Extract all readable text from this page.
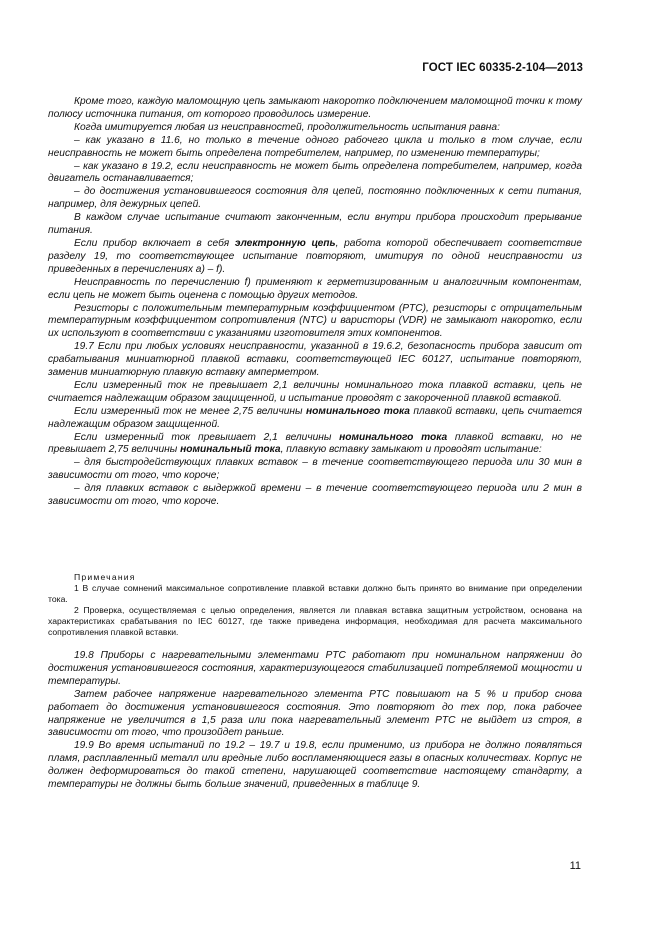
ГОСТ IEC 60335-2-104—2013

Кроме того, каждую маломощную цепь замыкают накоротко подключением маломощной точки к тому полюсу источника питания, от которого проводилось измерение.

Когда имитируется любая из неисправностей, продолжительность испытания равна:

– как указано в 11.6, но только в течение одного рабочего цикла и только в том случае, если неисправность не может быть определена потребителем, например, по изменению температуры;

– как указано в 19.2, если неисправность не может быть определена потребителем, например, когда двигатель останавливается;

– до достижения установившегося состояния для цепей, постоянно подключенных к сети питания, например, для дежурных цепей.

В каждом случае испытание считают законченным, если внутри прибора происходит прерывание питания.

Если прибор включает в себя электронную цепь, работа которой обеспечивает соответствие разделу 19, то соответствующее испытание повторяют, имитируя по одной неисправности из приведенных в перечислениях a) – f).

Неисправность по перечислению f) применяют к герметизированным и аналогичным компонентам, если цепь не может быть оценена с помощью других методов.

Резисторы с положительным температурным коэффициентом (PTC), резисторы с отрицательным температурным коэффициентом сопротивления (NTC) и варисторы (VDR) не замыкают накоротко, если их используют в соответствии с указаниями изготовителя этих компонентов.

19.7 Если при любых условиях неисправности, указанной в 19.6.2, безопасность прибора зависит от срабатывания миниатюрной плавкой вставки, соответствующей IEC 60127, испытание повторяют, заменив миниатюрную плавкую вставку амперметром.

Если измеренный ток не превышает 2,1 величины номинального тока плавкой вставки, цепь не считается надлежащим образом защищенной, и испытание проводят с закороченной плавкой вставкой.

Если измеренный ток не менее 2,75 величины номинального тока плавкой вставки, цепь считается надлежащим образом защищенной.

Если измеренный ток превышает 2,1 величины номинального тока плавкой вставки, но не превышает 2,75 величины номинальный тока, плавкую вставку замыкают и проводят испытание:

– для быстродействующих плавких вставок – в течение соответствующего периода или 30 мин в зависимости от того, что короче;

– для плавких вставок с выдержкой времени – в течение соответствующего периода или 2 мин в зависимости от того, что короче.

Примечания

1 В случае сомнений максимальное сопротивление плавкой вставки должно быть принято во внимание при определении тока.

2 Проверка, осуществляемая с целью определения, является ли плавкая вставка защитным устройством, основана на характеристиках срабатывания по IEC 60127, где также приведена информация, необходимая для расчета максимального сопротивления плавкой вставки.

19.8 Приборы с нагревательными элементами PTC работают при номинальном напряжении до достижения установившегося состояния, характеризующегося стабилизацией потребляемой мощности и температуры.

Затем рабочее напряжение нагревательного элемента PTC повышают на 5 % и прибор снова работает до достижения установившегося состояния. Это повторяют до тех пор, пока рабочее напряжение не увеличится в 1,5 раза или пока нагревательный элемент PTC не выйдет из строя, в зависимости от того, что произойдет раньше.

19.9 Во время испытаний по 19.2 – 19.7 и 19.8, если применимо, из прибора не должно появляться пламя, расплавленный металл или вредные либо воспламеняющиеся газы в опасных количествах. Корпус не должен деформироваться до такой степени, нарушающей соответствие настоящему стандарту, а температуры не должны быть больше значений, приведенных в таблице 9.

11
